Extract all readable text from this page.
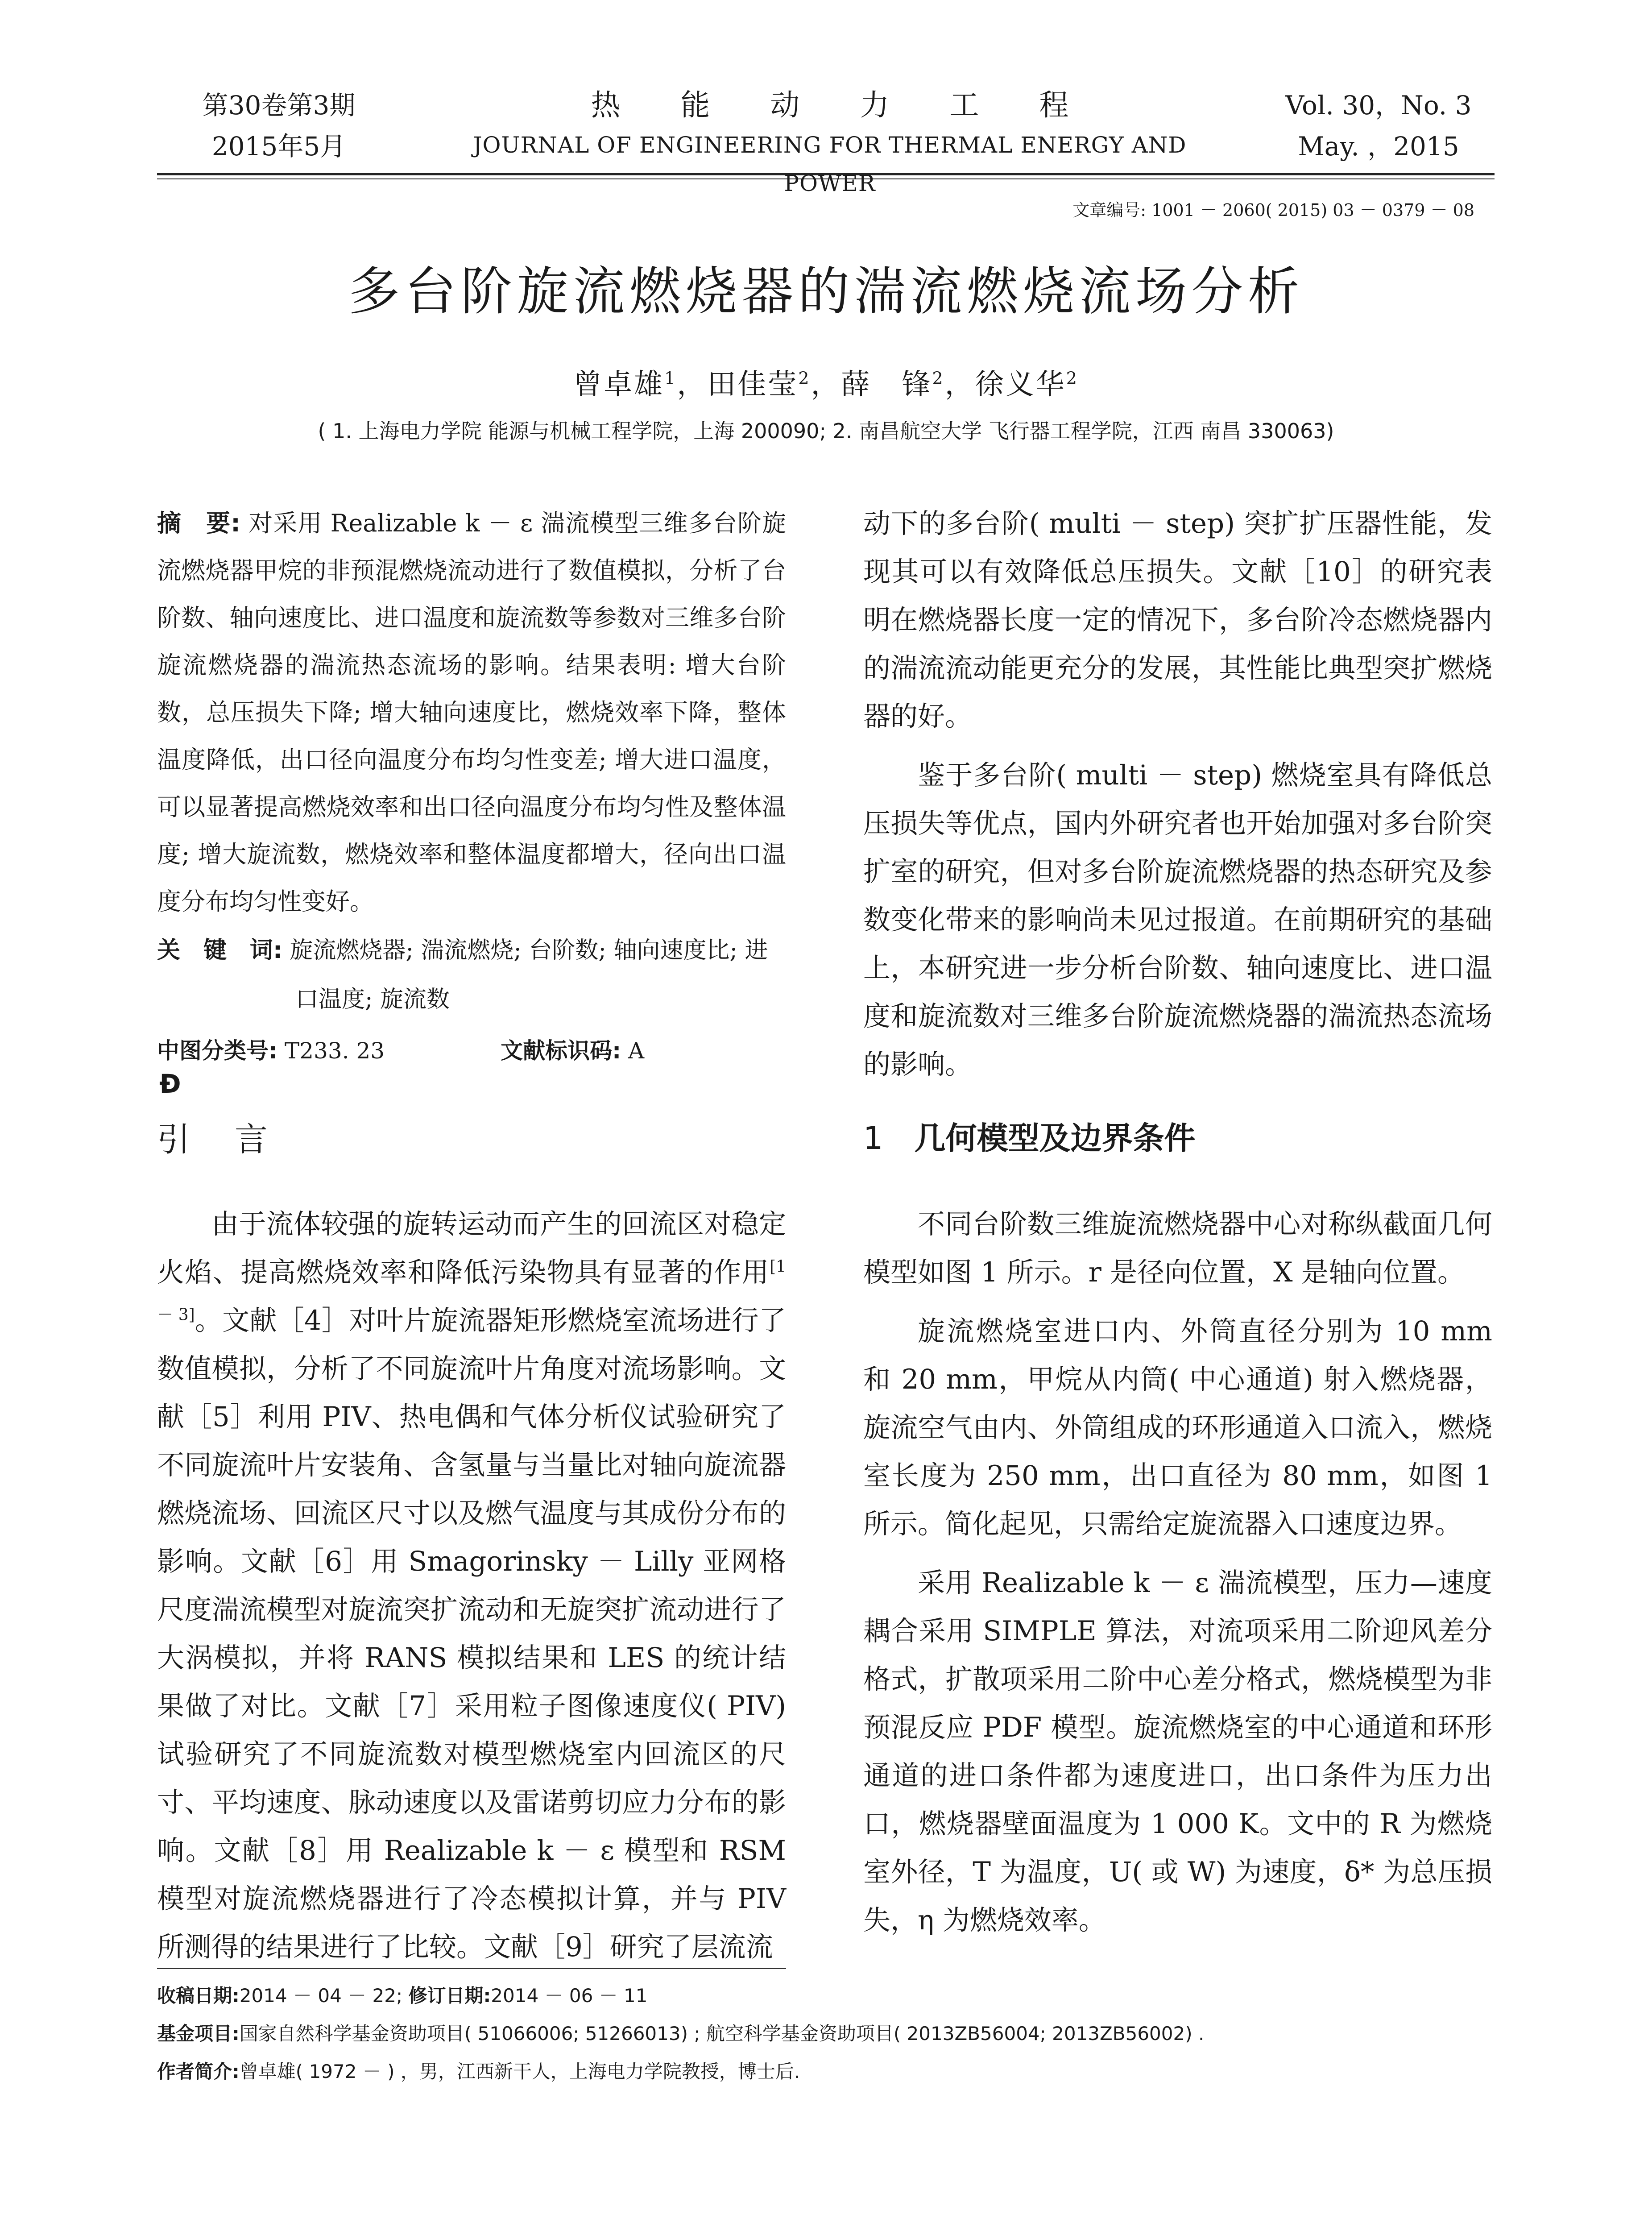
第30卷第3期
2015年5月
热能动力工程
JOURNAL OF ENGINEERING FOR THERMAL ENERGY AND POWER
Vol. 30，No. 3
May. ，2015
文章编号: 1001 － 2060( 2015) 03 － 0379 － 08
多台阶旋流燃烧器的湍流燃烧流场分析
曾卓雄$^1$，田佳莹$^2$，薛　锋$^2$，徐义华$^2$
( 1. 上海电力学院 能源与机械工程学院，上海 200090; 2. 南昌航空大学 飞行器工程学院，江西 南昌 330063)
摘　要: 对采用 Realizable k － ε 湍流模型三维多台阶旋流燃烧器甲烷的非预混燃烧流动进行了数值模拟，分析了台阶数、轴向速度比、进口温度和旋流数等参数对三维多台阶旋流燃烧器的湍流热态流场的影响。结果表明: 增大台阶数，总压损失下降; 增大轴向速度比，燃烧效率下降，整体温度降低，出口径向温度分布均匀性变差; 增大进口温度，可以显著提高燃烧效率和出口径向温度分布均匀性及整体温度; 增大旋流数，燃烧效率和整体温度都增大，径向出口温度分布均匀性变好。
关　键　词: 旋流燃烧器; 湍流燃烧; 台阶数; 轴向速度比; 进
口温度; 旋流数
中图分类号: T233. 23	文献标识码: A
Ð
引言

由于流体较强的旋转运动而产生的回流区对稳定火焰、提高燃烧效率和降低污染物具有显著的作用[1 － 3]。文献［4］对叶片旋流器矩形燃烧室流场进行了数值模拟，分析了不同旋流叶片角度对流场影响。文献［5］利用 PIV、热电偶和气体分析仪试验研究了不同旋流叶片安装角、含氢量与当量比对轴向旋流器燃烧流场、回流区尺寸以及燃气温度与其成份分布的影响。文献［6］用 Smagorinsky － Lilly 亚网格尺度湍流模型对旋流突扩流动和无旋突扩流动进行了大涡模拟，并将 RANS 模拟结果和 LES 的统计结果做了对比。文献［7］采用粒子图像速度仪( PIV) 试验研究了不同旋流数对模型燃烧室内回流区的尺寸、平均速度、脉动速度以及雷诺剪切应力分布的影响。文献［8］用 Realizable k － ε 模型和 RSM 模型对旋流燃烧器进行了冷态模拟计算，并与 PIV 所测得的结果进行了比较。文献［9］研究了层流流

动下的多台阶( multi － step) 突扩扩压器性能，发现其可以有效降低总压损失。文献［10］的研究表明在燃烧器长度一定的情况下，多台阶冷态燃烧器内的湍流流动能更充分的发展，其性能比典型突扩燃烧器的好。

鉴于多台阶( multi － step) 燃烧室具有降低总压损失等优点，国内外研究者也开始加强对多台阶突扩室的研究，但对多台阶旋流燃烧器的热态研究及参数变化带来的影响尚未见过报道。在前期研究的基础上，本研究进一步分析台阶数、轴向速度比、进口温度和旋流数对三维多台阶旋流燃烧器的湍流热态流场的影响。

1 几何模型及边界条件

不同台阶数三维旋流燃烧器中心对称纵截面几何模型如图 1 所示。r 是径向位置，X 是轴向位置。

旋流燃烧室进口内、外筒直径分别为 10 mm 和 20 mm，甲烷从内筒( 中心通道) 射入燃烧器，旋流空气由内、外筒组成的环形通道入口流入，燃烧室长度为 250 mm，出口直径为 80 mm，如图 1 所示。简化起见，只需给定旋流器入口速度边界。

采用 Realizable k － ε 湍流模型，压力—速度耦合采用 SIMPLE 算法，对流项采用二阶迎风差分格式，扩散项采用二阶中心差分格式，燃烧模型为非预混反应 PDF 模型。旋流燃烧室的中心通道和环形通道的进口条件都为速度进口，出口条件为压力出口，燃烧器壁面温度为 1 000 K。文中的 R 为燃烧室外径，T 为温度，U( 或 W) 为速度，δ* 为总压损失，η 为燃烧效率。

收稿日期:2014 － 04 － 22; 修订日期:2014 － 06 － 11
基金项目:国家自然科学基金资助项目( 51066006; 51266013) ; 航空科学基金资助项目( 2013ZB56004; 2013ZB56002) .
作者简介:曾卓雄( 1972 － ) ，男，江西新干人，上海电力学院教授，博士后.
